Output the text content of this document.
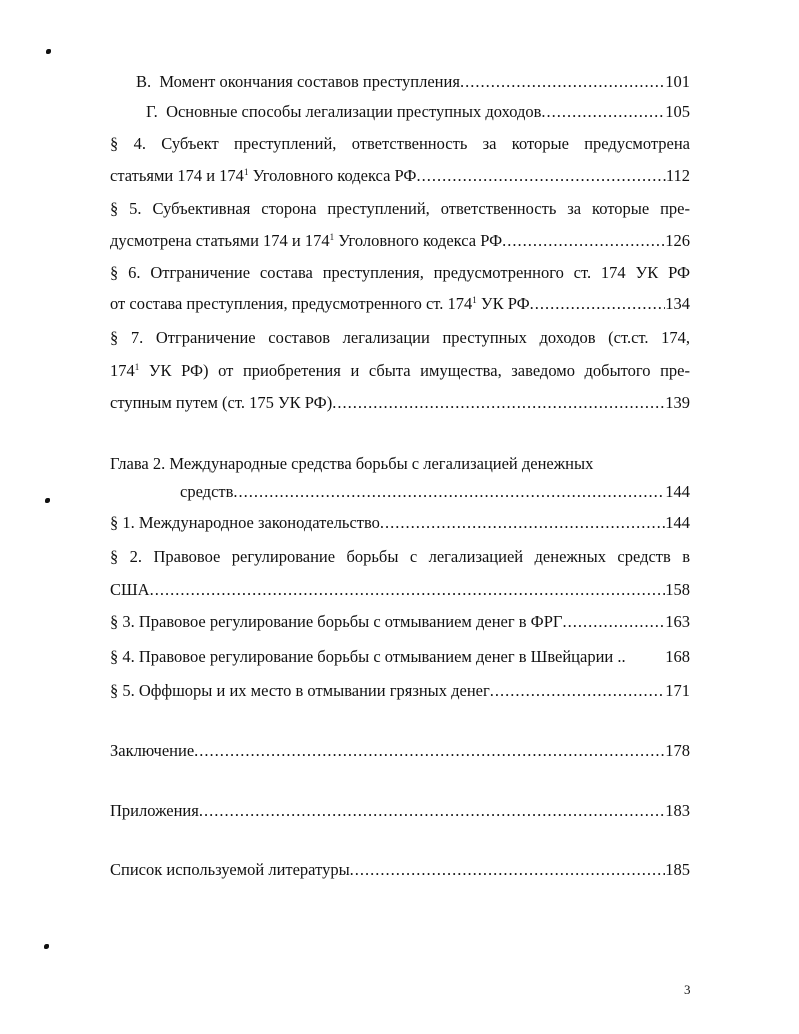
В. Момент окончания составов преступления .....	101
Г. Основные способы легализации преступных доходов .....	105
§ 4. Субъект преступлений, ответственность за которые предусмотрена
статьями 174 и $174^1$ Уголовного кодекса РФ .....	112
§ 5. Субъективная сторона преступлений, ответственность за которые пре-
дусмотрена статьями 174 и $174^1$ Уголовного кодекса РФ .....	126
§ 6. Отграничение состава преступления, предусмотренного ст. 174 УК РФ
от состава преступления, предусмотренного ст. $174^1$ УК РФ .....	134
§ 7. Отграничение составов легализации преступных доходов (ст.ст. 174,
$174^1$ УК РФ) от приобретения и сбыта имущества, заведомо добытого пре-
ступным путем (ст. 175 УК РФ) .....	139
Глава 2. Международные средства борьбы с легализацией денежных
средств .....	144
§ 1. Международное законодательство .....	144
§ 2. Правовое регулирование борьбы с легализацией денежных средств в
США .....	158
§ 3. Правовое регулирование борьбы с отмыванием денег в ФРГ .....	163
§ 4. Правовое регулирование борьбы с отмыванием денег в Швейцарии .. 168
§ 5. Оффшоры и их место в отмывании грязных денег .....	171
Заключение .....	178
Приложения .....	183
Список используемой литературы .....	185
3
